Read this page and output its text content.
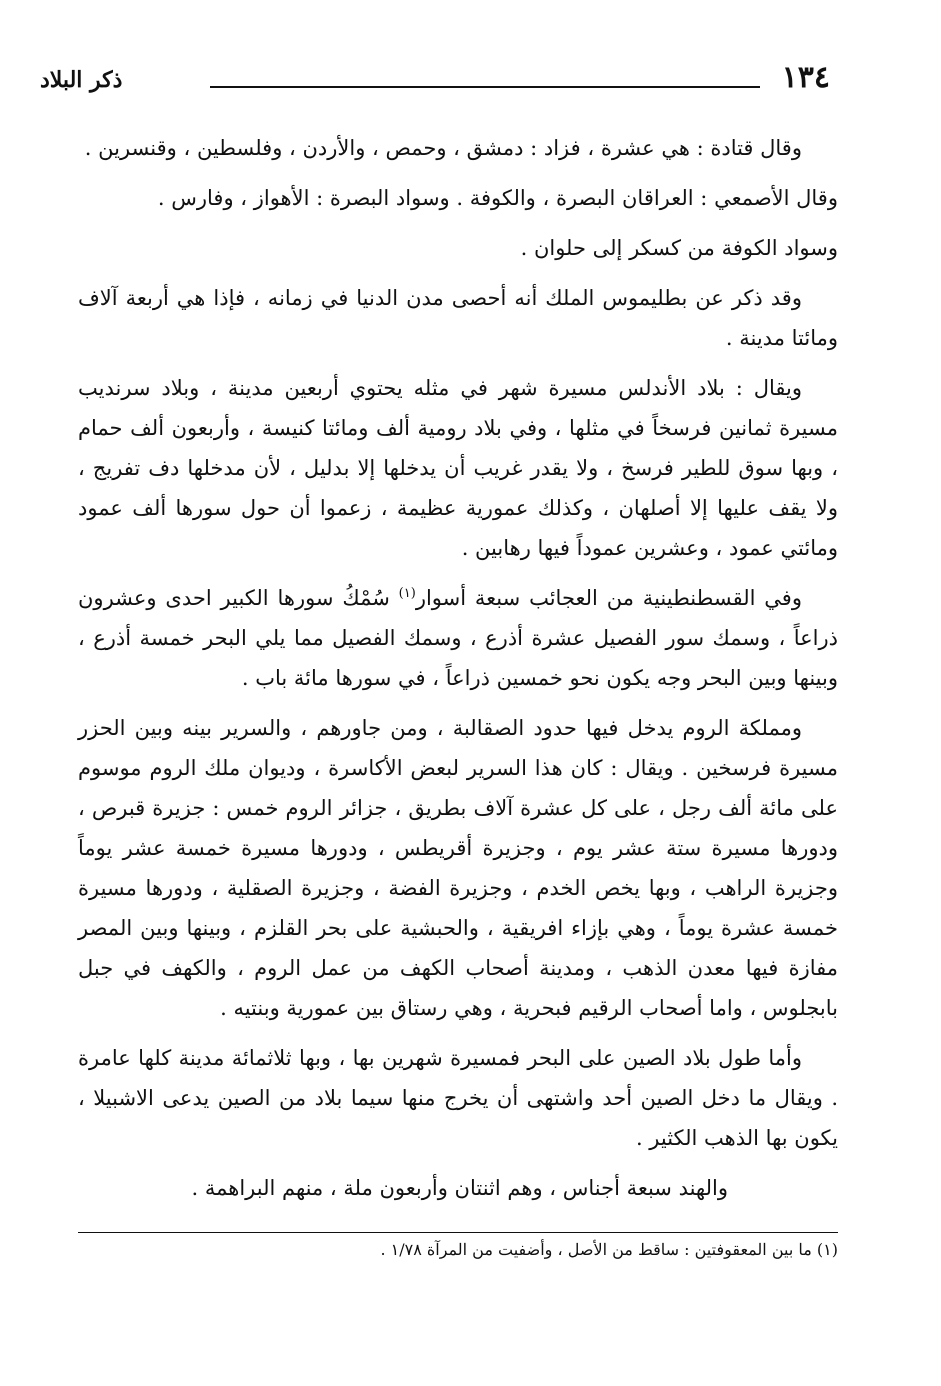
١٣٤
ذكر البلاد

وقال قتادة : هي عشرة ، فزاد : دمشق ، وحمص ، والأردن ، وفلسطين ، وقنسرين .

وقال الأصمعي : العراقان البصرة ، والكوفة . وسواد البصرة : الأهواز ، وفارس .

وسواد الكوفة من كسكر إلى حلوان .

وقد ذكر عن بطليموس الملك أنه أحصى مدن الدنيا في زمانه ، فإذا هي أربعة آلاف ومائتا مدينة .

ويقال : بلاد الأندلس مسيرة شهر في مثله يحتوي أربعين مدينة ، وبلاد سرنديب مسيرة ثمانين فرسخاً في مثلها ، وفي بلاد رومية ألف ومائتا كنيسة ، وأربعون ألف حمام ، وبها سوق للطير فرسخ ، ولا يقدر غريب أن يدخلها إلا بدليل ، لأن مدخلها دف تفريج ، ولا يقف عليها إلا أصلهان ، وكذلك عمورية عظيمة ، زعموا أن حول سورها ألف عمود ومائتي عمود ، وعشرين عموداً فيها رهابين .

وفي القسطنطينية من العجائب سبعة أسوار$^{(١)}$ سُمْكُ سورها الكبير احدى وعشرون ذراعاً ، وسمك سور الفصيل عشرة أذرع ، وسمك الفصيل مما يلي البحر خمسة أذرع ، وبينها وبين البحر وجه يكون نحو خمسين ذراعاً ، في سورها مائة باب .

ومملكة الروم يدخل فيها حدود الصقالبة ، ومن جاورهم ، والسرير بينه وبين الحزر مسيرة فرسخين . ويقال : كان هذا السرير لبعض الأكاسرة ، وديوان ملك الروم موسوم على مائة ألف رجل ، على كل عشرة آلاف بطريق ، جزائر الروم خمس : جزيرة قبرص ، ودورها مسيرة ستة عشر يوم ، وجزيرة أقريطس ، ودورها مسيرة خمسة عشر يوماً وجزيرة الراهب ، وبها يخص الخدم ، وجزيرة الفضة ، وجزيرة الصقلية ، ودورها مسيرة خمسة عشرة يوماً ، وهي بإزاء افريقية ، والحبشية على بحر القلزم ، وبينها وبين المصر مفازة فيها معدن الذهب ، ومدينة أصحاب الكهف من عمل الروم ، والكهف في جبل بابجلوس ، واما أصحاب الرقيم فبحرية ، وهي رستاق بين عمورية وبنتيه .

وأما طول بلاد الصين على البحر فمسيرة شهرين بها ، وبها ثلاثمائة مدينة كلها عامرة . ويقال ما دخل الصين أحد واشتهى أن يخرج منها سيما بلاد من الصين يدعى الاشبيلا ، يكون بها الذهب الكثير .

والهند سبعة أجناس ، وهم اثنتان وأربعون ملة ، منهم البراهمة .

(١) ما بين المعقوفتين : ساقط من الأصل ، وأضفيت من المرآة ١/٧٨ .
